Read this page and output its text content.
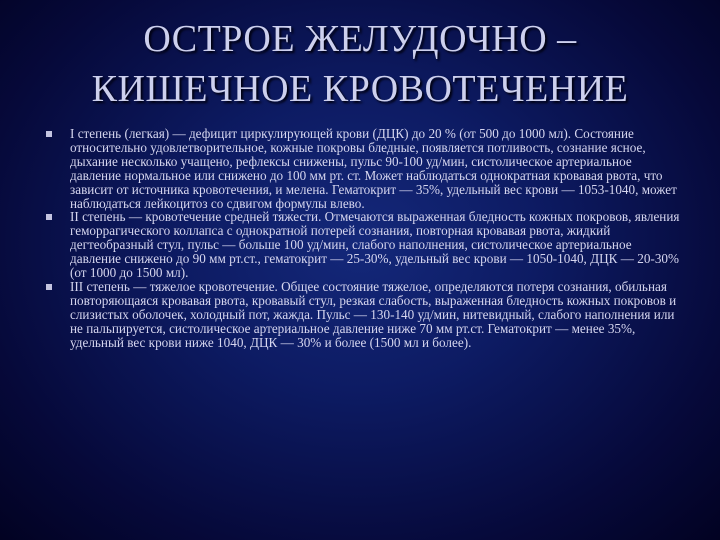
ОСТРОЕ ЖЕЛУДОЧНО –
КИШЕЧНОЕ КРОВОТЕЧЕНИЕ
I степень (легкая) — дефицит циркулирующей крови (ДЦК) до 20 % (от 500 до 1000 мл). Состояние относительно удовлетворительное, кожные покровы бледные, появляется потливость, сознание ясное, дыхание несколько учащено, рефлексы снижены, пульс 90-100 уд/мин, систолическое артериальное давление нормальное или снижено до 100 мм рт. ст. Может наблюдаться однократная кровавая рвота, что зависит от источника кровотечения, и мелена. Гематокрит — 35%, удельный вес крови — 1053-1040, может наблюдаться лейкоцитоз со сдвигом формулы влево.
II степень — кровотечение средней тяжести. Отмечаются выраженная бледность кожных покровов, явления геморрагического коллапса с однократной потерей сознания, повторная кровавая рвота, жидкий дегтеобразный стул, пульс — больше 100 уд/мин, слабого наполнения, систолическое артериальное давление снижено до 90 мм рт.ст., гематокрит — 25-30%, удельный вес крови — 1050-1040, ДЦК — 20-30% (от 1000 до 1500 мл).
III степень — тяжелое кровотечение. Общее состояние тяжелое, определяются потеря сознания, обильная повторяющаяся кровавая рвота, кровавый стул, резкая слабость, выраженная бледность кожных покровов и слизистых оболочек, холодный пот, жажда. Пульс — 130-140 уд/мин, нитевидный, слабого наполнения или не пальпируется, систолическое артериальное давление ниже 70 мм рт.ст. Гематокрит — менее 35%, удельный вес крови ниже 1040, ДЦК — 30% и более (1500 мл и более).
